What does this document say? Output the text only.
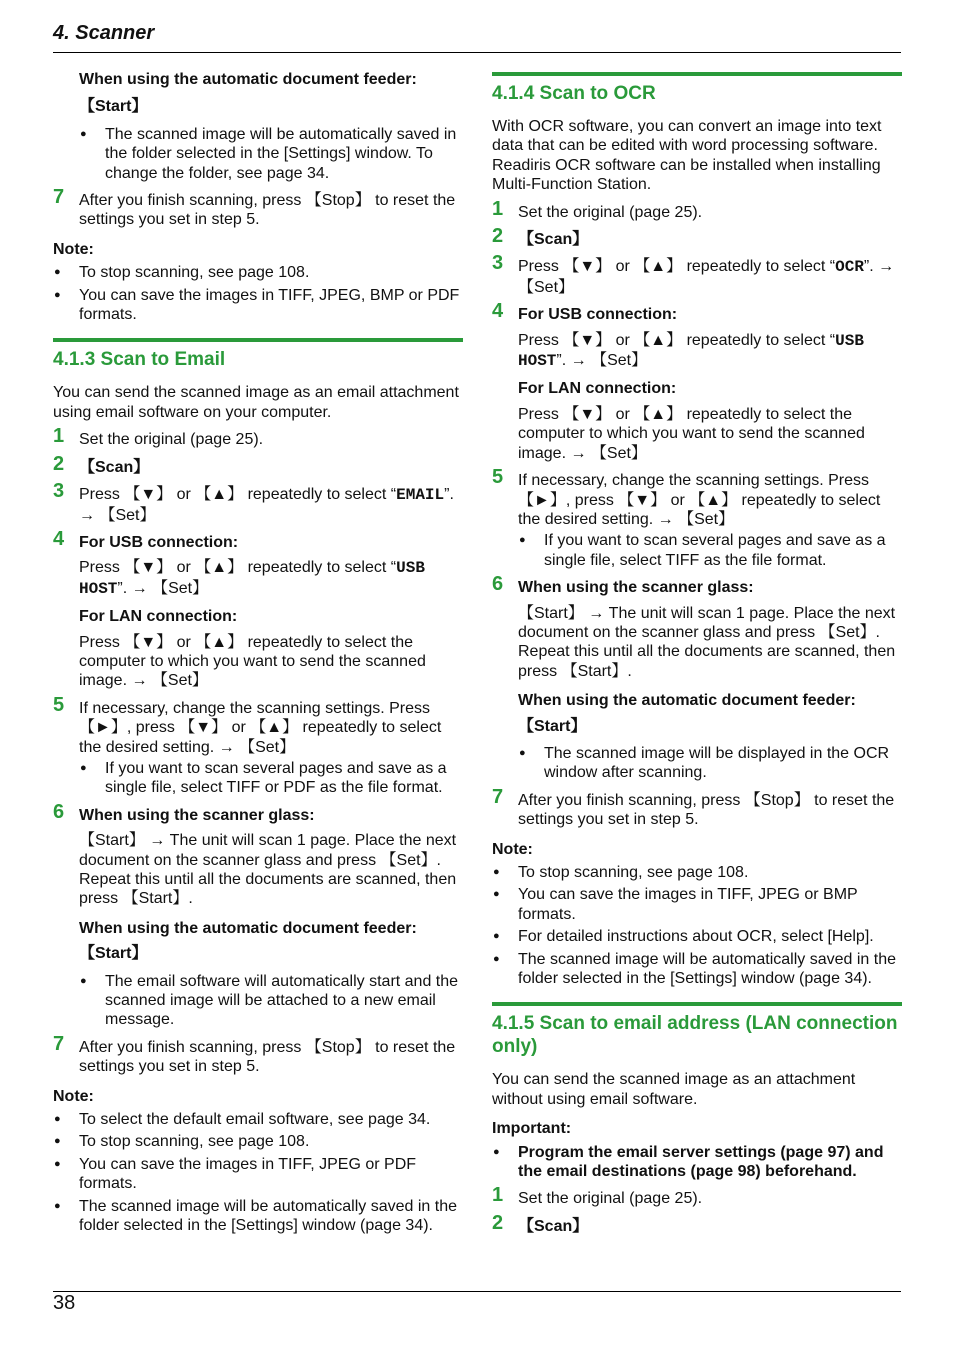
4. Scanner
When using the automatic document feeder:
【Start】
● The scanned image will be automatically saved in the folder selected in the [Settings] window. To change the folder, see page 34.
7 After you finish scanning, press 【Stop】 to reset the settings you set in step 5.
Note:
● To stop scanning, see page 108.
● You can save the images in TIFF, JPEG, BMP or PDF formats.

4.1.3 Scan to Email

You can send the scanned image as an email attachment using email software on your computer.
1 Set the original (page 25).
2 【Scan】
3 Press 【▼】 or 【▲】 repeatedly to select “EMAIL”. → 【Set】
4 For USB connection:
Press 【▼】 or 【▲】 repeatedly to select “USB HOST”. → 【Set】
For LAN connection:
Press 【▼】 or 【▲】 repeatedly to select the computer to which you want to send the scanned image. → 【Set】
5 If necessary, change the scanning settings. Press 【►】, press 【▼】 or 【▲】 repeatedly to select the desired setting. → 【Set】
● If you want to scan several pages and save as a single file, select TIFF or PDF as the file format.
6 When using the scanner glass:
【Start】 → The unit will scan 1 page. Place the next document on the scanner glass and press 【Set】. Repeat this until all the documents are scanned, then press 【Start】.
When using the automatic document feeder:
【Start】
● The email software will automatically start and the scanned image will be attached to a new email message.
7 After you finish scanning, press 【Stop】 to reset the settings you set in step 5.
Note:
● To select the default email software, see page 34.
● To stop scanning, see page 108.
● You can save the images in TIFF, JPEG or PDF formats.
● The scanned image will be automatically saved in the folder selected in the [Settings] window (page 34).

4.1.4 Scan to OCR

With OCR software, you can convert an image into text data that can be edited with word processing software. Readiris OCR software can be installed when installing Multi-Function Station.
1 Set the original (page 25).
2 【Scan】
3 Press 【▼】 or 【▲】 repeatedly to select “OCR”. → 【Set】
4 For USB connection:
Press 【▼】 or 【▲】 repeatedly to select “USB HOST”. → 【Set】
For LAN connection:
Press 【▼】 or 【▲】 repeatedly to select the computer to which you want to send the scanned image. → 【Set】
5 If necessary, change the scanning settings. Press 【►】, press 【▼】 or 【▲】 repeatedly to select the desired setting. → 【Set】
● If you want to scan several pages and save as a single file, select TIFF as the file format.
6 When using the scanner glass:
【Start】 → The unit will scan 1 page. Place the next document on the scanner glass and press 【Set】. Repeat this until all the documents are scanned, then press 【Start】.
When using the automatic document feeder:
【Start】
● The scanned image will be displayed in the OCR window after scanning.
7 After you finish scanning, press 【Stop】 to reset the settings you set in step 5.
Note:
● To stop scanning, see page 108.
● You can save the images in TIFF, JPEG or BMP formats.
● For detailed instructions about OCR, select [Help].
● The scanned image will be automatically saved in the folder selected in the [Settings] window (page 34).

4.1.5 Scan to email address (LAN connection only)

You can send the scanned image as an attachment without using email software.
Important:
● Program the email server settings (page 97) and the email destinations (page 98) beforehand.
1 Set the original (page 25).
2 【Scan】
38
